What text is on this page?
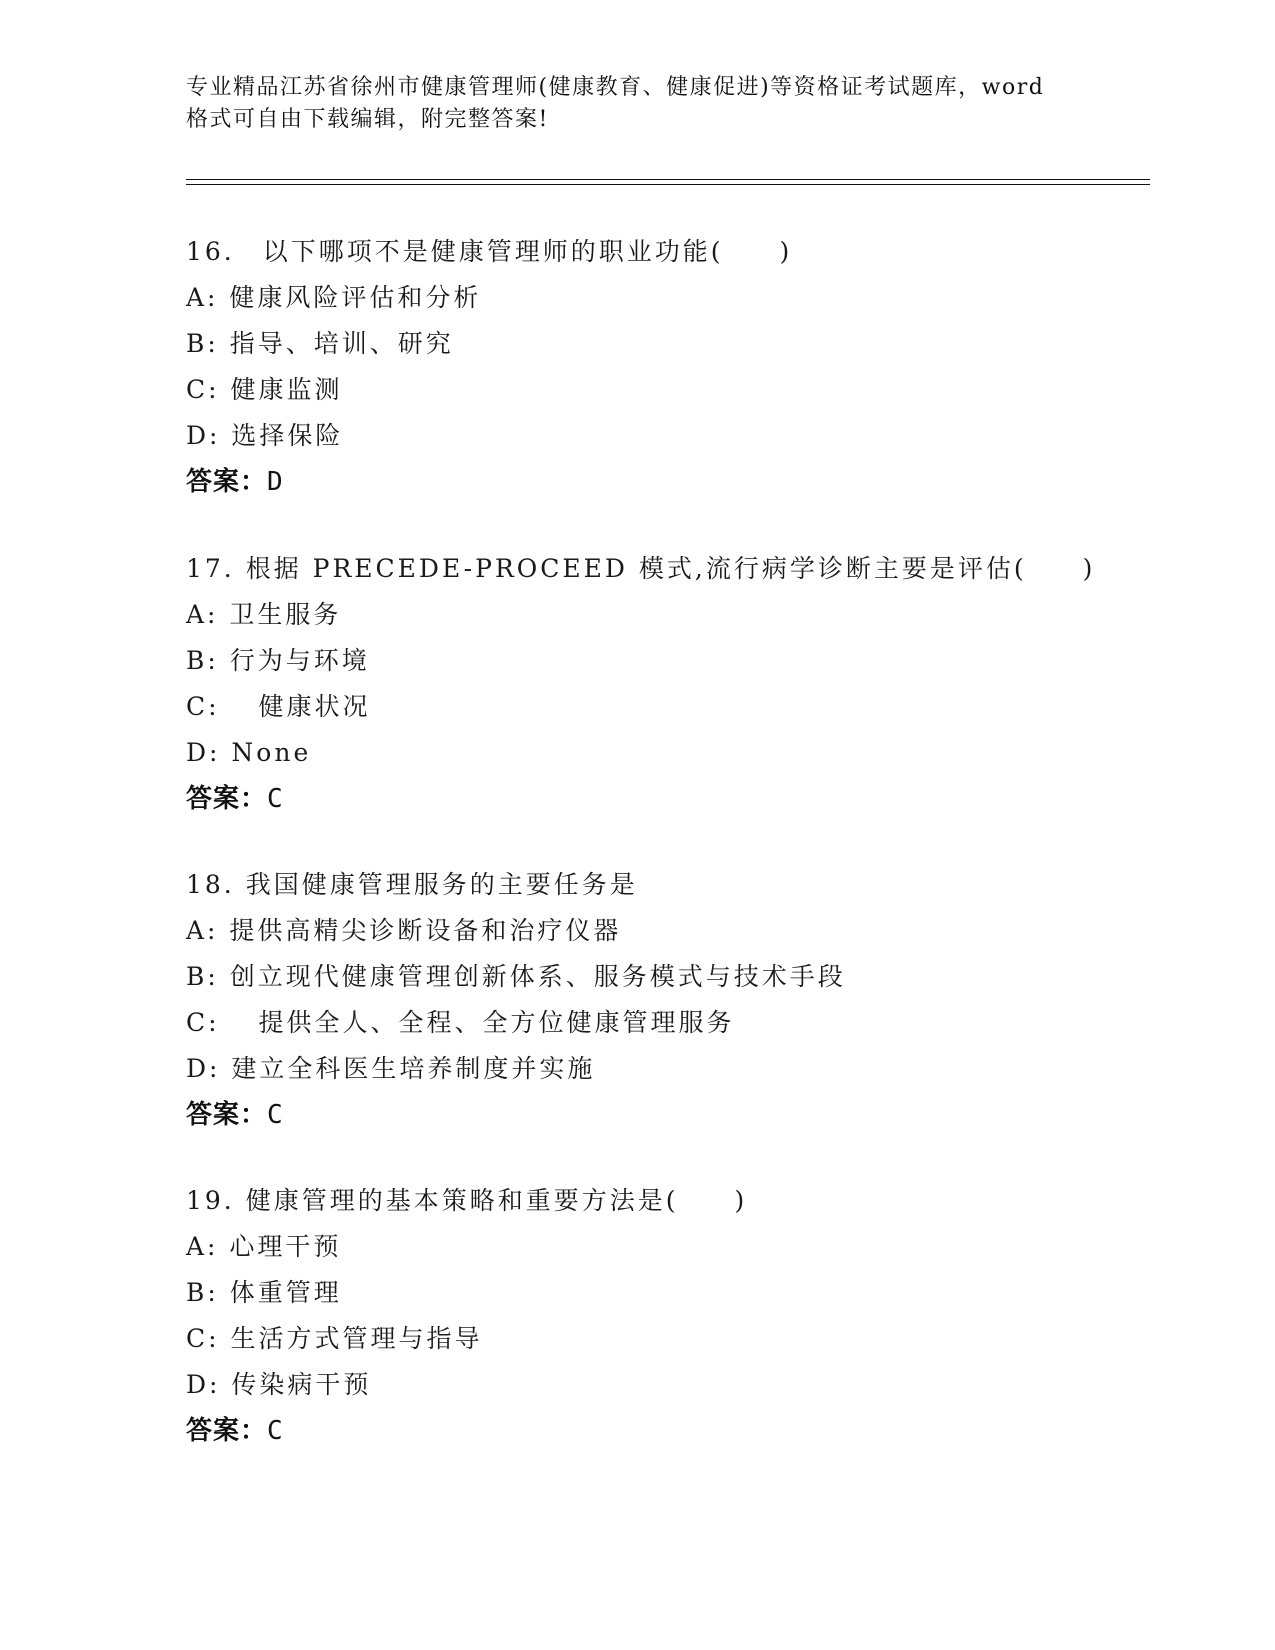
专业精品江苏省徐州市健康管理师(健康教育、健康促进)等资格证考试题库，word
格式可自由下载编辑，附完整答案!
16.　以下哪项不是健康管理师的职业功能(　　)
A: 健康风险评估和分析
B: 指导、培训、研究
C: 健康监测
D: 选择保险
答案：D
17. 根据 PRECEDE-PROCEED 模式,流行病学诊断主要是评估(　　)
A: 卫生服务
B: 行为与环境
C: 　健康状况
D: None
答案：C
18. 我国健康管理服务的主要任务是
A: 提供高精尖诊断设备和治疗仪器
B: 创立现代健康管理创新体系、服务模式与技术手段
C: 　提供全人、全程、全方位健康管理服务
D: 建立全科医生培养制度并实施
答案：C
19. 健康管理的基本策略和重要方法是(　　)
A: 心理干预
B: 体重管理
C: 生活方式管理与指导
D: 传染病干预
答案：C
